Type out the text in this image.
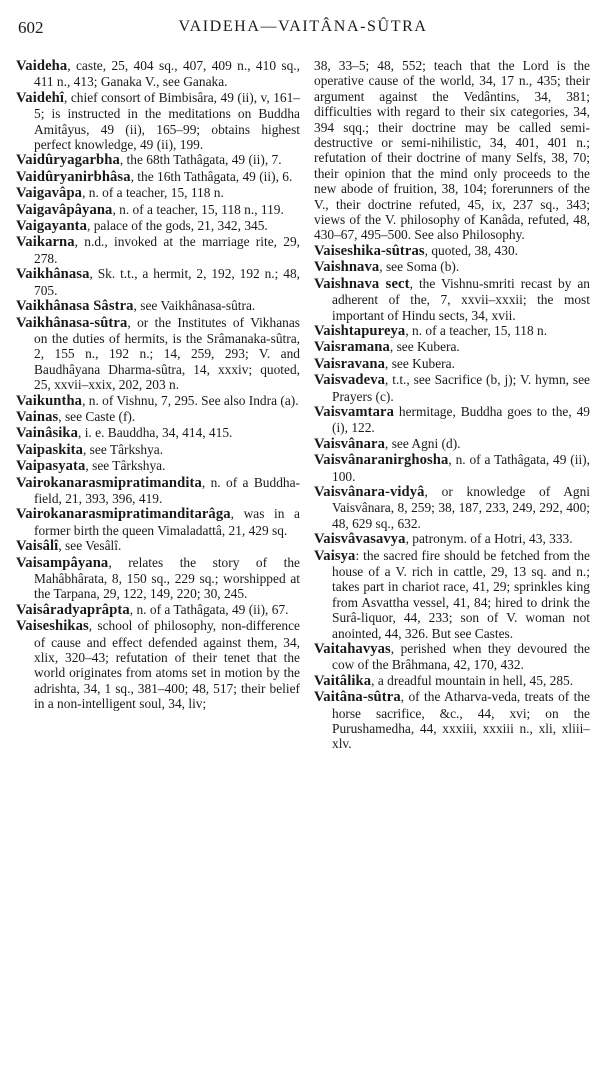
602	VAIDEHA—VAITÂNA-SÛTRA

Vaideha, caste, 25, 404 sq., 407, 409 n., 410 sq., 411 n., 413; Ganaka V., see Ganaka.

Vaidehî, chief consort of Bimbisâra, 49 (ii), v, 161–5; is instructed in the meditations on Buddha Amitâyus, 49 (ii), 165–99; obtains highest perfect knowledge, 49 (ii), 199.

Vaidûryagarbha, the 68th Tathâgata, 49 (ii), 7.

Vaidûryanirbhâsa, the 16th Tathâgata, 49 (ii), 6.

Vaigavâpa, n. of a teacher, 15, 118 n.

Vaigavâpâyana, n. of a teacher, 15, 118 n., 119.

Vaigayanta, palace of the gods, 21, 342, 345.

Vaikarna, n.d., invoked at the marriage rite, 29, 278.

Vaikhânasa, Sk. t.t., a hermit, 2, 192, 192 n.; 48, 705.

Vaikhânasa Sâstra, see Vaikhânasa-sûtra.

Vaikhânasa-sûtra, or the Institutes of Vikhanas on the duties of hermits, is the Srâmanaka-sûtra, 2, 155 n., 192 n.; 14, 259, 293; V. and Baudhâyana Dharma-sûtra, 14, xxxiv; quoted, 25, xxvii–xxix, 202, 203 n.

Vaikuntha, n. of Vishnu, 7, 295. See also Indra (a).

Vainas, see Caste (f).

Vainâsika, i. e. Bauddha, 34, 414, 415.

Vaipaskita, see Târkshya.

Vaipasyata, see Târkshya.

Vairokanarasmipratimandita, n. of a Buddha-field, 21, 393, 396, 419.

Vairokanarasmipratimanditarâga, was in a former birth the queen Vimaladattâ, 21, 429 sq.

Vaisâlî, see Vesâlî.

Vaisampâyana, relates the story of the Mahâbhârata, 8, 150 sq., 229 sq.; worshipped at the Tarpana, 29, 122, 149, 220; 30, 245.

Vaisâradyaprâpta, n. of a Tathâgata, 49 (ii), 67.

Vaiseshikas, school of philosophy, non-difference of cause and effect defended against them, 34, xlix, 320–43; refutation of their tenet that the world originates from atoms set in motion by the adrishta, 34, 1 sq., 381–400; 48, 517; their belief in a non-intelligent soul, 34, liv;

38, 33–5; 48, 552; teach that the Lord is the operative cause of the world, 34, 17 n., 435; their argument against the Vedântins, 34, 381; difficulties with regard to their six categories, 34, 394 sqq.; their doctrine may be called semi-destructive or semi-nihilistic, 34, 401, 401 n.; refutation of their doctrine of many Selfs, 38, 70; their opinion that the mind only proceeds to the new abode of fruition, 38, 104; forerunners of the V., their doctrine refuted, 45, ix, 237 sq., 343; views of the V. philosophy of Kanâda, refuted, 48, 430–67, 495–500. See also Philosophy.

Vaiseshika-sûtras, quoted, 38, 430.

Vaishnava, see Soma (b).

Vaishnava sect, the Vishnu-smriti recast by an adherent of the, 7, xxvii–xxxii; the most important of Hindu sects, 34, xvii.

Vaishtapureya, n. of a teacher, 15, 118 n.

Vaisramana, see Kubera.

Vaisravana, see Kubera.

Vaisvadeva, t.t., see Sacrifice (b, j); V. hymn, see Prayers (c).

Vaisvamtara hermitage, Buddha goes to the, 49 (i), 122.

Vaisvânara, see Agni (d).

Vaisvânaranirghosha, n. of a Tathâgata, 49 (ii), 100.

Vaisvânara-vidyâ, or knowledge of Agni Vaisvânara, 8, 259; 38, 187, 233, 249, 292, 400; 48, 629 sq., 632.

Vaisvâvasavya, patronym. of a Hotri, 43, 333.

Vaisya: the sacred fire should be fetched from the house of a V. rich in cattle, 29, 13 sq. and n.; takes part in chariot race, 41, 29; sprinkles king from Asvattha vessel, 41, 84; hired to drink the Surâ-liquor, 44, 233; son of V. woman not anointed, 44, 326. But see Castes.

Vaitahavyas, perished when they devoured the cow of the Brâhmana, 42, 170, 432.

Vaitâlika, a dreadful mountain in hell, 45, 285.

Vaitâna-sûtra, of the Atharva-veda, treats of the horse sacrifice, &c., 44, xvi; on the Purushamedha, 44, xxxiii, xxxiii n., xli, xliii–xlv.
